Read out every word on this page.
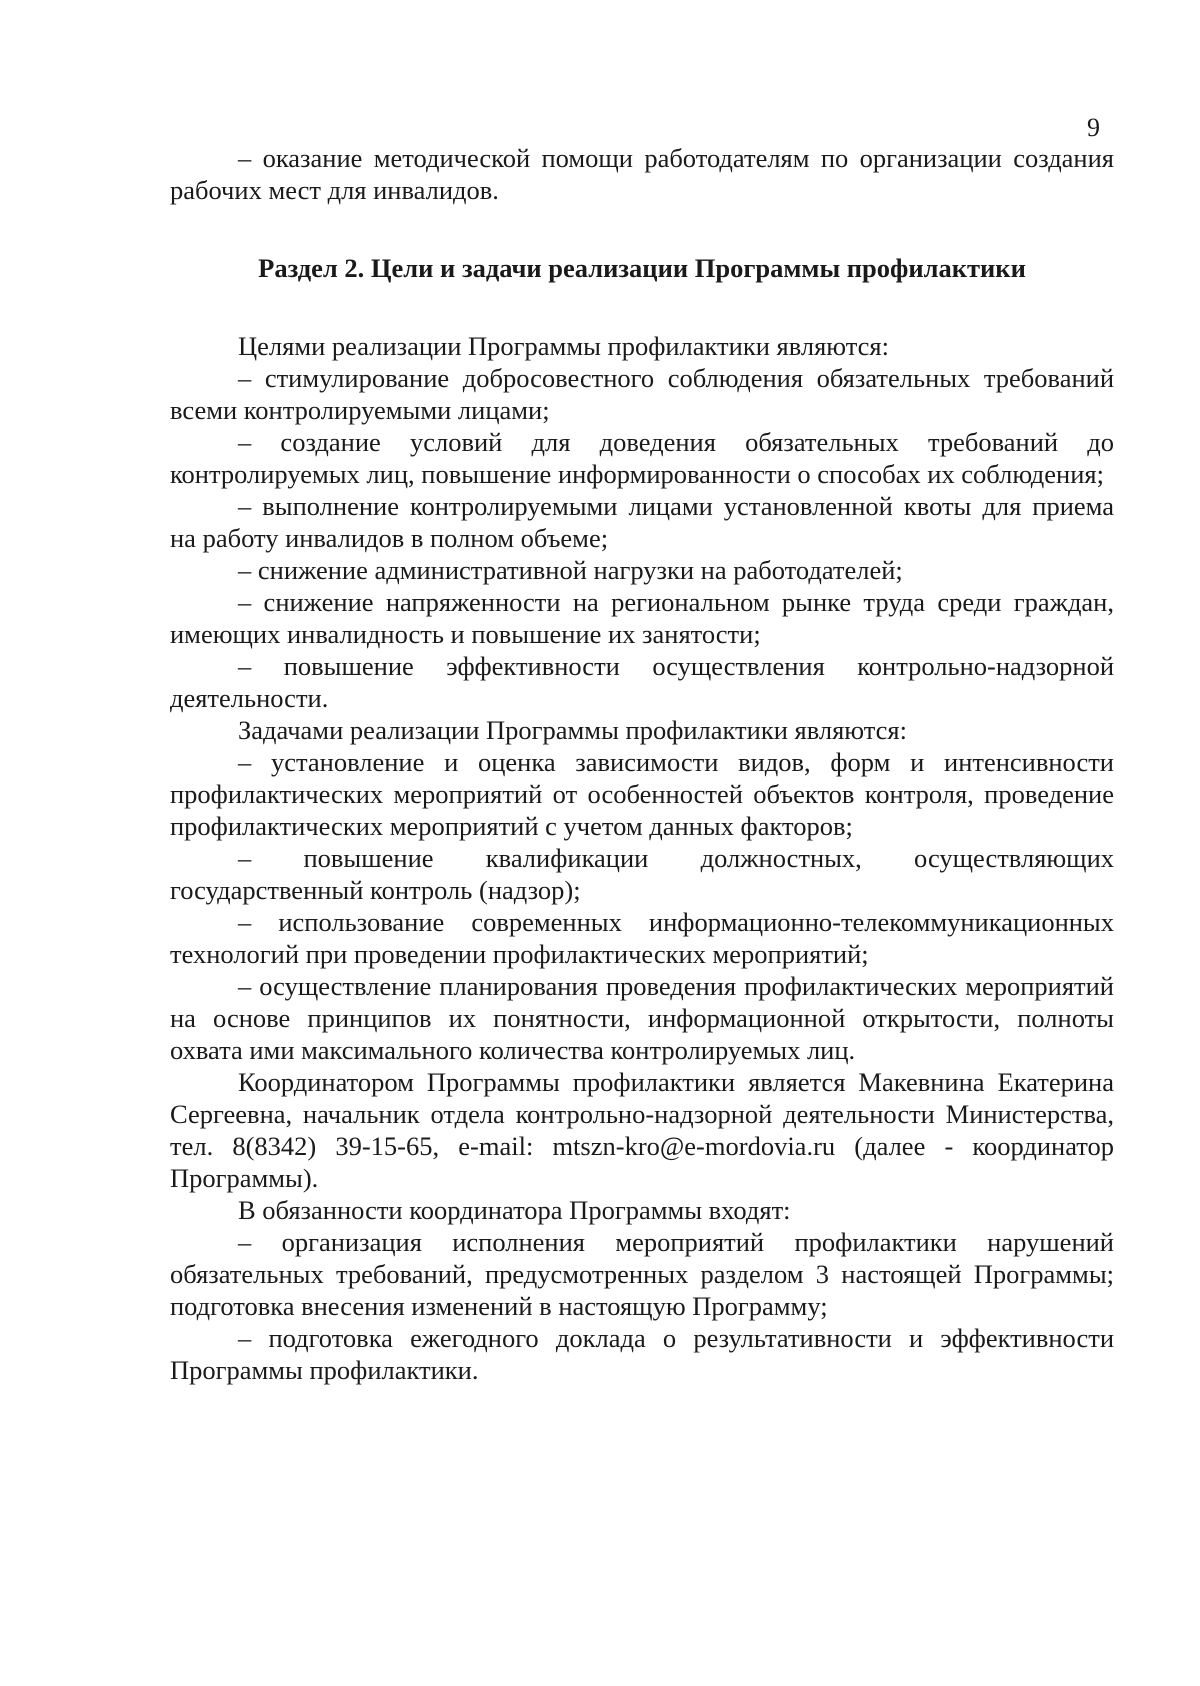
9

– оказание методической помощи работодателям по организации создания рабочих мест для инвалидов.

Раздел 2. Цели и задачи реализации Программы профилактики

Целями реализации Программы профилактики являются:

– стимулирование добросовестного соблюдения обязательных требований всеми контролируемыми лицами;

– создание условий для доведения обязательных требований до контролируемых лиц, повышение информированности о способах их соблюдения;

– выполнение контролируемыми лицами установленной квоты для приема на работу инвалидов в полном объеме;

– снижение административной нагрузки на работодателей;

– снижение напряженности на региональном рынке труда среди граждан, имеющих инвалидность и повышение их занятости;

– повышение эффективности осуществления контрольно-надзорной деятельности.

Задачами реализации Программы профилактики являются:

– установление и оценка зависимости видов, форм и интенсивности профилактических мероприятий от особенностей объектов контроля, проведение профилактических мероприятий с учетом данных факторов;

– повышение квалификации должностных, осуществляющих государственный контроль (надзор);

– использование современных информационно-телекоммуникационных технологий при проведении профилактических мероприятий;

– осуществление планирования проведения профилактических мероприятий на основе принципов их понятности, информационной открытости, полноты охвата ими максимального количества контролируемых лиц.

Координатором Программы профилактики является Макевнина Екатерина Сергеевна, начальник отдела контрольно-надзорной деятельности Министерства, тел. 8(8342) 39-15-65, e-mail: mtszn-kro@e-mordovia.ru (далее - координатор Программы).

В обязанности координатора Программы входят:

– организация исполнения мероприятий профилактики нарушений обязательных требований, предусмотренных разделом 3 настоящей Программы; подготовка внесения изменений в настоящую Программу;

– подготовка ежегодного доклада о результативности и эффективности Программы профилактики.
